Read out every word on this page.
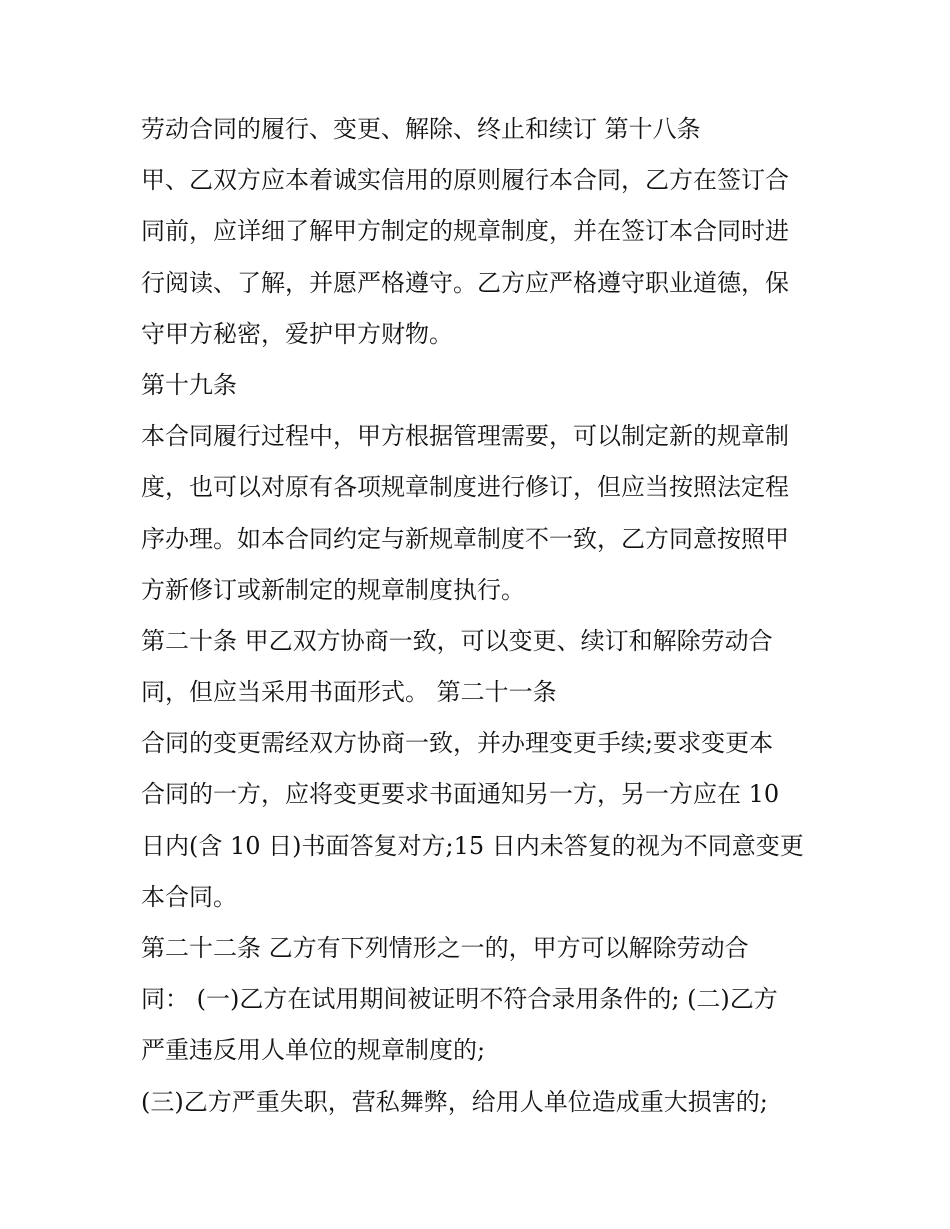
劳动合同的履行、变更、解除、终止和续订 第十八条
甲、乙双方应本着诚实信用的原则履行本合同，乙方在签订合
同前，应详细了解甲方制定的规章制度，并在签订本合同时进
行阅读、了解，并愿严格遵守。乙方应严格遵守职业道德，保
守甲方秘密，爱护甲方财物。
第十九条
本合同履行过程中，甲方根据管理需要，可以制定新的规章制
度，也可以对原有各项规章制度进行修订，但应当按照法定程
序办理。如本合同约定与新规章制度不一致，乙方同意按照甲
方新修订或新制定的规章制度执行。
第二十条 甲乙双方协商一致，可以变更、续订和解除劳动合
同，但应当采用书面形式。 第二十一条
合同的变更需经双方协商一致，并办理变更手续;要求变更本
合同的一方，应将变更要求书面通知另一方，另一方应在 10
日内(含 10 日)书面答复对方;15 日内未答复的视为不同意变更
本合同。
第二十二条 乙方有下列情形之一的，甲方可以解除劳动合
同： (一)乙方在试用期间被证明不符合录用条件的; (二)乙方
严重违反用人单位的规章制度的;
(三)乙方严重失职，营私舞弊，给用人单位造成重大损害的;
